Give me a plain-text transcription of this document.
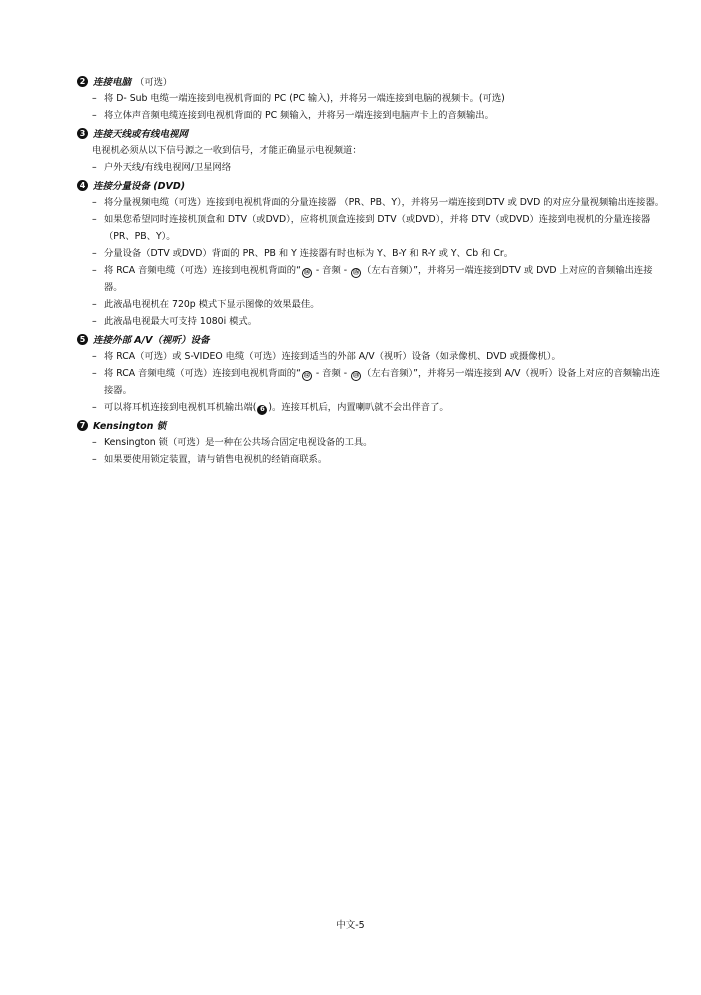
2 连接电脑 （可选）
– 将 D- Sub 电缆一端连接到电视机背面的 PC (PC 输入)，并将另一端连接到电脑的视频卡。(可选)
– 将立体声音频电缆连接到电视机背面的 PC 频输入，并将另一端连接到电脑声卡上的音频输出。
3 连接天线或有线电视网
电视机必须从以下信号源之一收到信号，才能正确显示电视频道：
– 户外天线/有线电视网/卫星网络
4 连接分量设备 (DVD)
– 将分量视频电缆（可选）连接到电视机背面的分量连接器 （PR、PB、Y），并将另一端连接到DTV 或 DVD 的对应分量视频输出连接器。
– 如果您希望同时连接机顶盒和 DTV（或DVD），应将机顶盒连接到 DTV（或DVD），并将 DTV（或DVD）连接到电视机的分量连接器（PR、PB、Y）。
– 分量设备（DTV 或DVD）背面的 PR、PB 和 Y 连接器有时也标为 Y、B-Y 和 R-Y 或 Y、Cb 和 Cr。
– 将 RCA 音频电缆（可选）连接到电视机背面的“ ⑭ - 音频 - ⑮ （左右音频）”，并将另一端连接到DTV 或 DVD 上对应的音频输出连接器。
– 此液晶电视机在 720p 模式下显示图像的效果最佳。
– 此液晶电视最大可支持 1080i 模式。
5 连接外部 A/V（视听）设备
– 将 RCA（可选）或 S-VIDEO 电缆（可选）连接到适当的外部 A/V（视听）设备（如录像机、DVD 或摄像机）。
– 将 RCA 音频电缆（可选）连接到电视机背面的“ ⑫ - 音频 - ⑬ （左右音频）”，并将另一端连接到 A/V（视听）设备上对应的音频输出连接器。
– 可以将耳机连接到电视机耳机输出端( 6 )。连接耳机后，内置喇叭就不会出伴音了。
7 Kensington 锁
– Kensington 锁（可选）是一种在公共场合固定电视设备的工具。
– 如果要使用锁定装置，请与销售电视机的经销商联系。
中文-5
